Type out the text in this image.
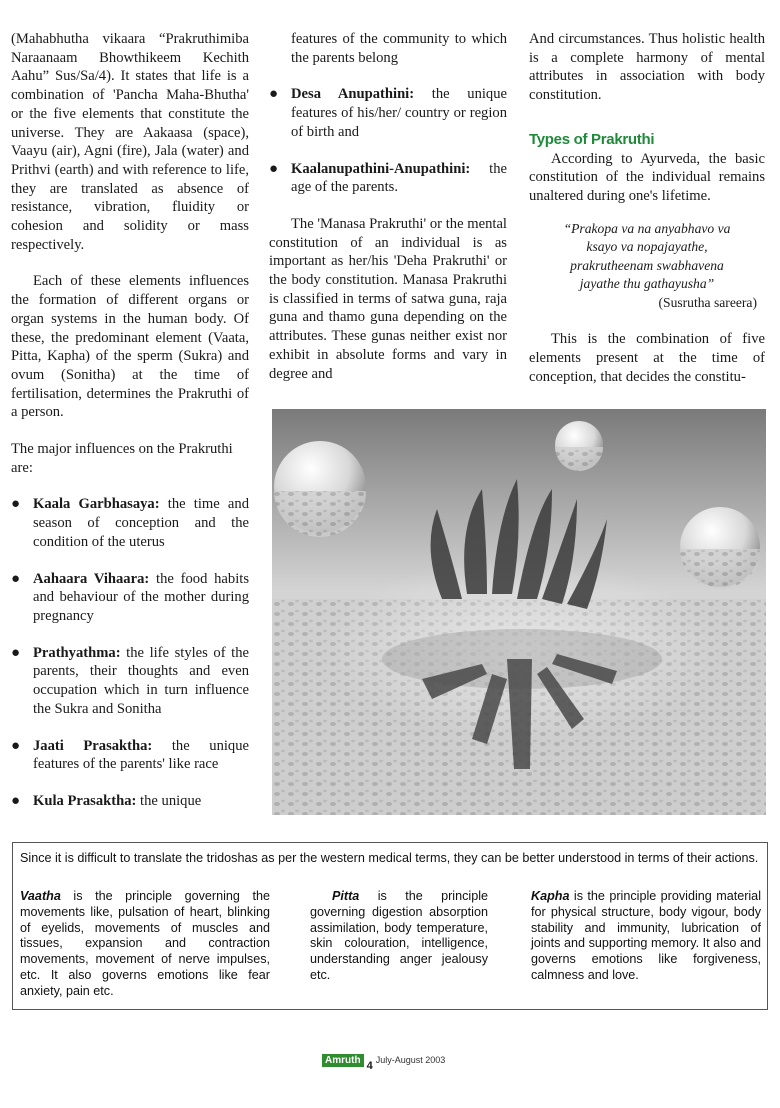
(Mahabhutha vikaara “Prakruthimiba Naraanaam Bhowthikeem Kechith Aahu” Sus/Sa/4). It states that life is a combination of 'Pancha Maha-Bhutha' or the five elements that constitute the universe. They are Aakaasa (space), Vaayu (air), Agni (fire), Jala (water) and Prithvi (earth) and with reference to life, they are translated as absence of resistance, vibration, fluidity or cohesion and solidity or mass respectively.

Each of these elements influences the formation of different organs or organ systems in the human body. Of these, the predominant element (Vaata, Pitta, Kapha) of the sperm (Sukra) and ovum (Sonitha) at the time of fertilisation, determines the Prakruthi of a person.

The major influences on the Prakruthi are:

● Kaala Garbhasaya: the time and season of conception and the condition of the uterus
● Aahaara Vihaara: the food habits and behaviour of the mother during pregnancy
● Prathyathma: the life styles of the parents, their thoughts and even occupation which in turn influence the Sukra and Sonitha
● Jaati Prasaktha: the unique features of the parents' like race
● Kula Prasaktha: the unique

features of the community to which the parents belong

● Desa Anupathini: the unique features of his/her/ country or region of birth and
● Kaalanupathini-Anupathini: the age of the parents.

The 'Manasa Prakruthi' or the mental constitution of an individual is as important as her/his 'Deha Prakruthi' or the body constitution. Manasa Prakruthi is classified in terms of satwa guna, raja guna and thamo guna depending on the attributes. These gunas neither exist nor exhibit in absolute forms and vary in degree and

And circumstances. Thus holistic health is a complete harmony of mental attributes in association with body constitution.

Types of Prakruthi

According to Ayurveda, the basic constitution of the individual remains unaltered during one's lifetime.

“Prakopa va na anyabhavo va
ksayo va nopajayathe,
prakrutheenam swabhavena
jayathe thu gathayusha”
(Susrutha sareera)

This is the combination of five elements present at the time of conception, that decides the constitu-

Since it is difficult to translate the tridoshas as per the western medical terms, they can be better understood in terms of their actions.
Vaatha is the principle governing the movements like, pulsation of heart, blinking of eyelids, movements of muscles and tissues, expansion and contraction movements, movement of nerve impulses, etc. It also governs emotions like fear anxiety, pain etc.
Pitta is the principle governing digestion absorption assimilation, body temperature, skin colouration, intelligence, understanding anger jealousy etc.
Kapha is the principle providing material for physical structure, body vigour, body stability and immunity, lubrication of joints and supporting memory. It also and governs emotions like forgiveness, calmness and love.
Amruth $_4$ July-August 2003
